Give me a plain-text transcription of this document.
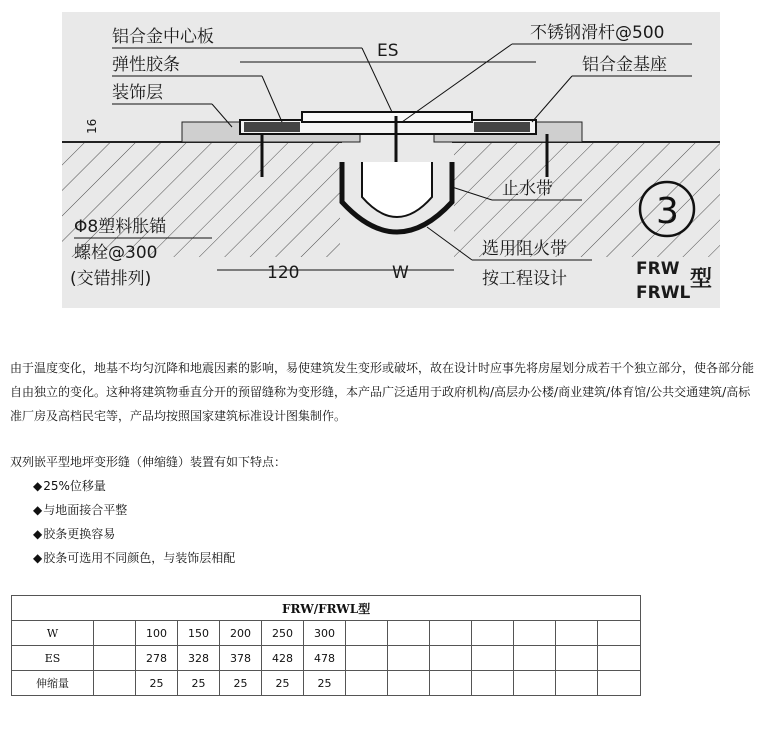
ES
120	W
16
铝合金中心板
弹性胶条
装饰层
Φ8塑料胀锚
螺栓@300
(交错排列)
不锈钢滑杆@500
铝合金基座
止水带
选用阻火带
按工程设计
3
FRW
FRWL
型

由于温度变化，地基不均匀沉降和地震因素的影响，易使建筑发生变形或破坏，故在设计时应事先将房屋划分成若干个独立部分，使各部分能

自由独立的变化。这种将建筑物垂直分开的预留缝称为变形缝，本产品广泛适用于政府机构/高层办公楼/商业建筑/体育馆/公共交通建筑/高标

准厂房及高档民宅等，产品均按照国家建筑标准设计图集制作。

双列嵌平型地坪变形缝（伸缩缝）装置有如下特点：
◆25%位移量
◆与地面接合平整
◆胶条更换容易
◆胶条可选用不同颜色，与装饰层相配
FRW/FRWL型													
W		100	150	200	250	300							
ES		278	328	378	428	478							
伸缩量		25	25	25	25	25							
